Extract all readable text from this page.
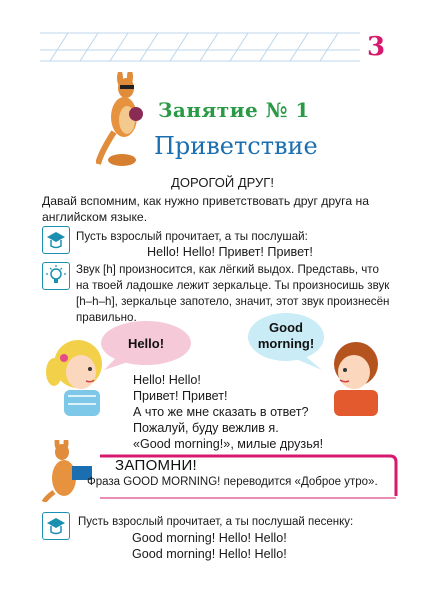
3
Занятие № 1
Приветствие
ДОРОГОЙ ДРУГ!
Давай вспомним, как нужно приветствовать друг друга на английском языке.
Пусть взрослый прочитает, а ты послушай:
Hello! Hello! Привет! Привет!
Звук [h] произносится, как лёгкий выдох. Представь, что
на твоей ладошке лежит зеркальце. Ты произносишь звук
[h–h–h], зеркальце запотело, значит, этот звук произнесён
правильно.
Hello!
Good
morning!
Hello! Hello!
Привет! Привет!
А что же мне сказать в ответ?
Пожалуй, буду вежлив я.
«Good morning!», милые друзья!
ЗАПОМНИ!
Фраза GOOD MORNING! переводится «Доброе утро».
Пусть взрослый прочитает, а ты послушай песенку:
Good morning! Hello! Hello!
Good morning! Hello! Hello!
